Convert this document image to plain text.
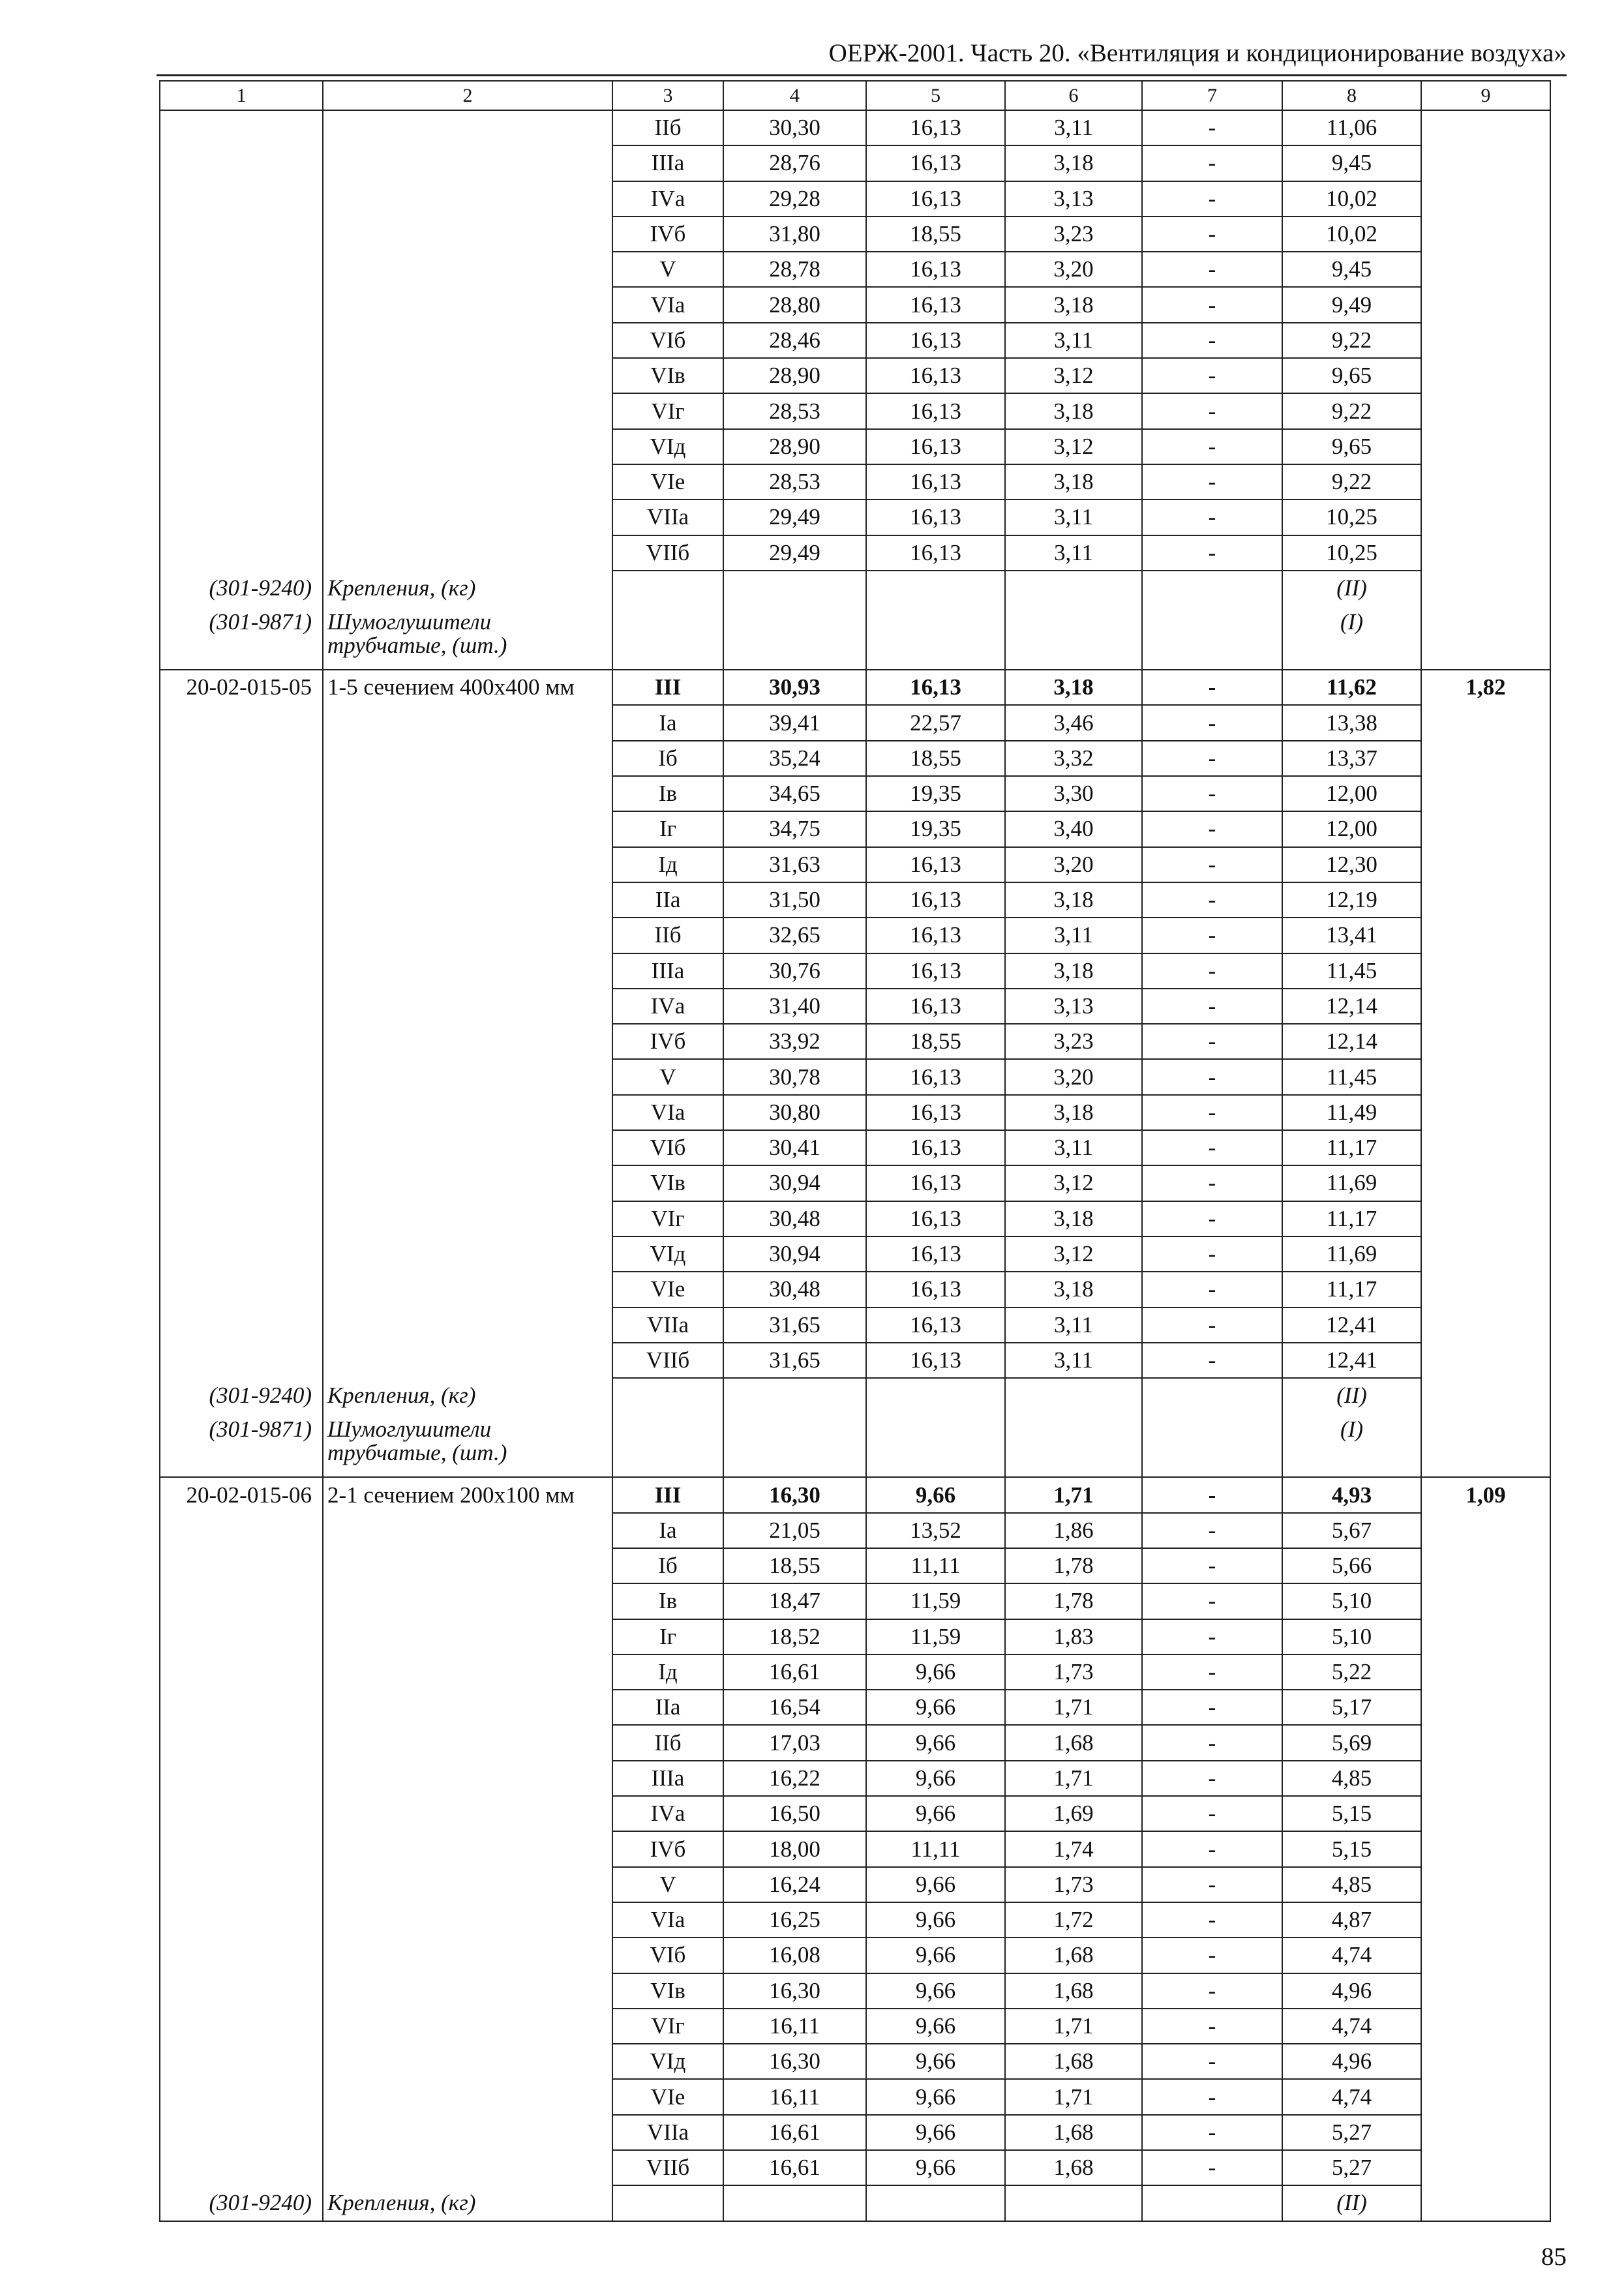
ОЕРЖ-2001. Часть 20. «Вентиляция и кондиционирование воздуха»
1	2	3	4	5	6	7	8	9
		IIб	30,30	16,13	3,11	-	11,06	
		IIIа	28,76	16,13	3,18	-	9,45	
		IVа	29,28	16,13	3,13	-	10,02	
		IVб	31,80	18,55	3,23	-	10,02	
		V	28,78	16,13	3,20	-	9,45	
		VIа	28,80	16,13	3,18	-	9,49	
		VIб	28,46	16,13	3,11	-	9,22	
		VIв	28,90	16,13	3,12	-	9,65	
		VIг	28,53	16,13	3,18	-	9,22	
		VIд	28,90	16,13	3,12	-	9,65	
		VIе	28,53	16,13	3,18	-	9,22	
		VIIа	29,49	16,13	3,11	-	10,25	
		VIIб	29,49	16,13	3,11	-	10,25	
(301-9240)	Крепления, (кг)						(II)	
(301-9871)	Шумоглушители трубчатые, (шт.)						(I)	
20-02-015-05	1-5 сечением 400х400 мм	III	30,93	16,13	3,18	-	11,62	1,82
		Iа	39,41	22,57	3,46	-	13,38	
		Iб	35,24	18,55	3,32	-	13,37	
		Iв	34,65	19,35	3,30	-	12,00	
		Iг	34,75	19,35	3,40	-	12,00	
		Iд	31,63	16,13	3,20	-	12,30	
		IIа	31,50	16,13	3,18	-	12,19	
		IIб	32,65	16,13	3,11	-	13,41	
		IIIа	30,76	16,13	3,18	-	11,45	
		IVа	31,40	16,13	3,13	-	12,14	
		IVб	33,92	18,55	3,23	-	12,14	
		V	30,78	16,13	3,20	-	11,45	
		VIа	30,80	16,13	3,18	-	11,49	
		VIб	30,41	16,13	3,11	-	11,17	
		VIв	30,94	16,13	3,12	-	11,69	
		VIг	30,48	16,13	3,18	-	11,17	
		VIд	30,94	16,13	3,12	-	11,69	
		VIе	30,48	16,13	3,18	-	11,17	
		VIIа	31,65	16,13	3,11	-	12,41	
		VIIб	31,65	16,13	3,11	-	12,41	
(301-9240)	Крепления, (кг)						(II)	
(301-9871)	Шумоглушители трубчатые, (шт.)						(I)	
20-02-015-06	2-1 сечением 200х100 мм	III	16,30	9,66	1,71	-	4,93	1,09
		Iа	21,05	13,52	1,86	-	5,67	
		Iб	18,55	11,11	1,78	-	5,66	
		Iв	18,47	11,59	1,78	-	5,10	
		Iг	18,52	11,59	1,83	-	5,10	
		Iд	16,61	9,66	1,73	-	5,22	
		IIа	16,54	9,66	1,71	-	5,17	
		IIб	17,03	9,66	1,68	-	5,69	
		IIIа	16,22	9,66	1,71	-	4,85	
		IVа	16,50	9,66	1,69	-	5,15	
		IVб	18,00	11,11	1,74	-	5,15	
		V	16,24	9,66	1,73	-	4,85	
		VIа	16,25	9,66	1,72	-	4,87	
		VIб	16,08	9,66	1,68	-	4,74	
		VIв	16,30	9,66	1,68	-	4,96	
		VIг	16,11	9,66	1,71	-	4,74	
		VIд	16,30	9,66	1,68	-	4,96	
		VIе	16,11	9,66	1,71	-	4,74	
		VIIа	16,61	9,66	1,68	-	5,27	
		VIIб	16,61	9,66	1,68	-	5,27	
(301-9240)	Крепления, (кг)						(II)	
85
